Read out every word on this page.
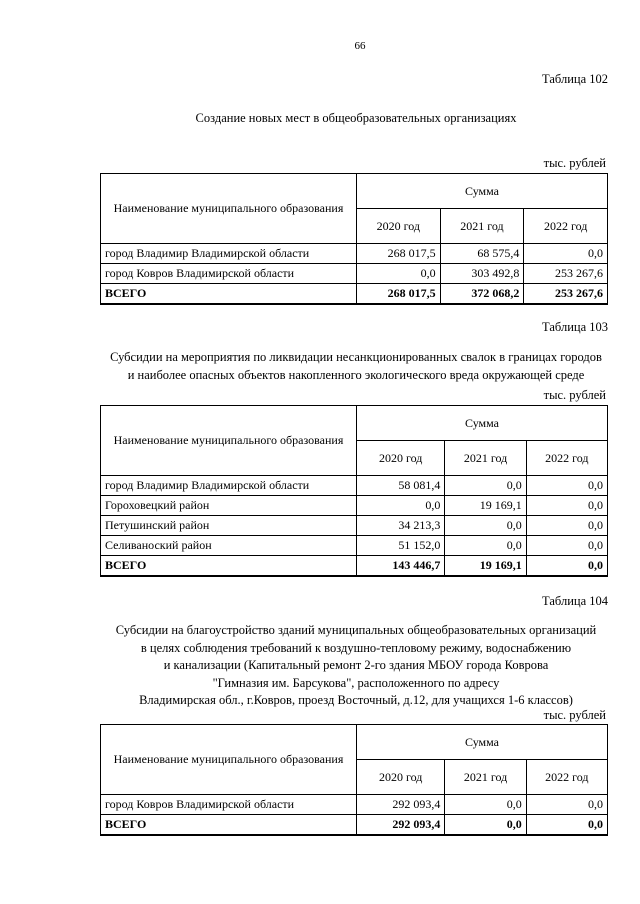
66
Таблица 102
Создание новых мест в общеобразовательных организациях
тыс. рублей
Наименование муниципального образования	Сумма		
	2020 год	2021 год	2022 год
город Владимир Владимирской области	268 017,5	68 575,4	0,0
город Ковров Владимирской области	0,0	303 492,8	253 267,6
ВСЕГО	268 017,5	372 068,2	253 267,6
Таблица 103
Субсидии на мероприятия по ликвидации несанкционированных свалок в границах городов
и наиболее опасных объектов накопленного экологического вреда окружающей среде
тыс. рублей
Наименование муниципального образования	Сумма		
	2020 год	2021 год	2022 год
город Владимир Владимирской области	58 081,4	0,0	0,0
Гороховецкий район	0,0	19 169,1	0,0
Петушинский район	34 213,3	0,0	0,0
Селиваноский район	51 152,0	0,0	0,0
ВСЕГО	143 446,7	19 169,1	0,0
Таблица 104
Субсидии на благоустройство зданий муниципальных общеобразовательных организаций
в целях соблюдения требований к воздушно-тепловому режиму, водоснабжению
и канализации (Капитальный ремонт 2-го здания МБОУ города Коврова
"Гимназия им. Барсукова", расположенного по адресу
Владимирская обл., г.Ковров, проезд Восточный, д.12, для учащихся 1-6 классов)
тыс. рублей
Наименование муниципального образования	Сумма		
	2020 год	2021 год	2022 год
город Ковров Владимирской области	292 093,4	0,0	0,0
ВСЕГО	292 093,4	0,0	0,0
